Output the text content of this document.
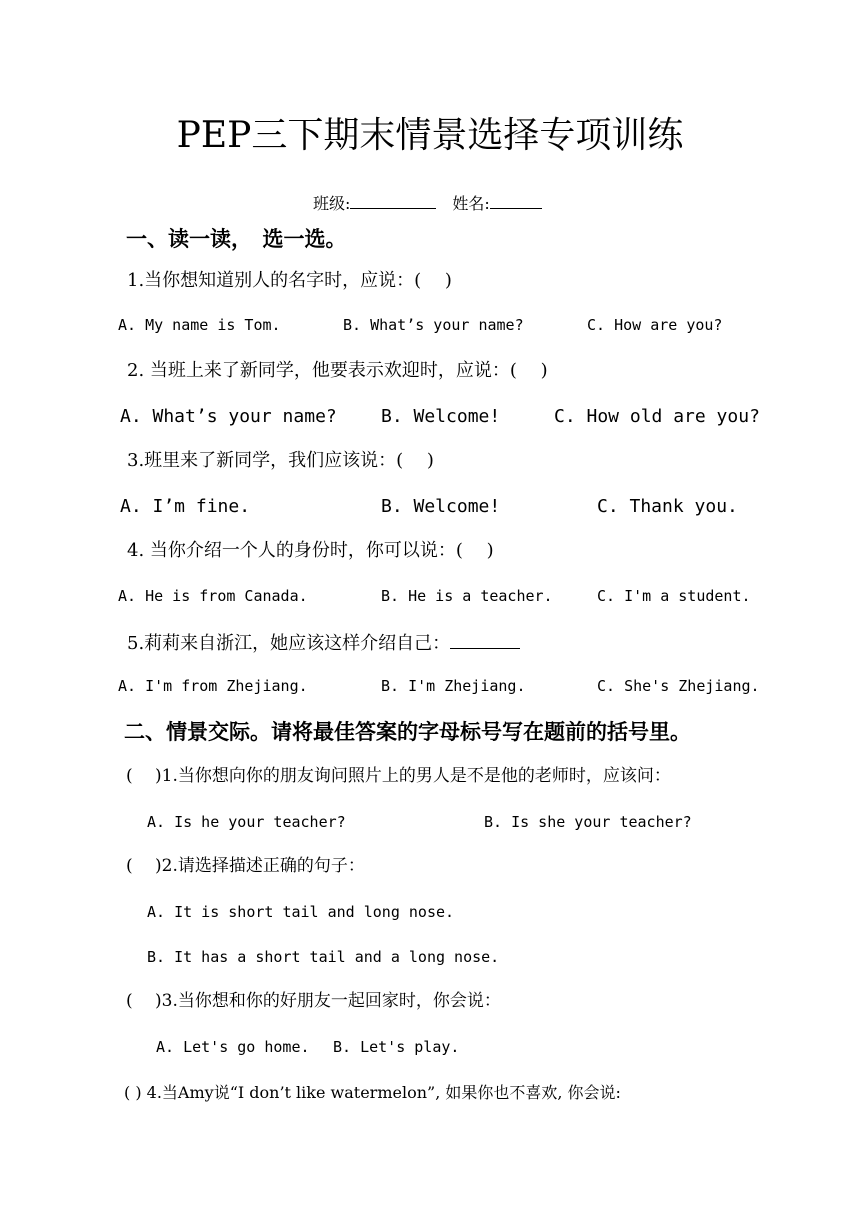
PEP三下期末情景选择专项训练
班级:	姓名:
一、读一读，　选一选。
1.当你想知道别人的名字时，应说：(　 )
A. My name is Tom.	B. What’s your name?	C. How are you?
2. 当班上来了新同学，他要表示欢迎时，应说：(　 )
A. What’s your name? B. Welcome!	C. How old are you?
3.班里来了新同学，我们应该说：(　 )
A. I’m fine.	B. Welcome!	C. Thank you.
4. 当你介绍一个人的身份时，你可以说：(　 )
A. He is from Canada.	B. He is a teacher.	C. I'm a student.
5.莉莉来自浙江，她应该这样介绍自己：
A. I'm from Zhejiang.	B. I'm Zhejiang.	C. She's Zhejiang.
二、情景交际。请将最佳答案的字母标号写在题前的括号里。
(　 )1.当你想向你的朋友询问照片上的男人是不是他的老师时，应该问：
A. Is he your teacher?	B. Is she your teacher?
(　 )2.请选择描述正确的句子：
A. It is short tail and long nose.
B. It has a short tail and a long nose.
(　 )3.当你想和你的好朋友一起回家时，你会说：
A. Let's go home. B. Let's play.
( ) 4.当Amy说“I don’t like watermelon”, 如果你也不喜欢, 你会说:
